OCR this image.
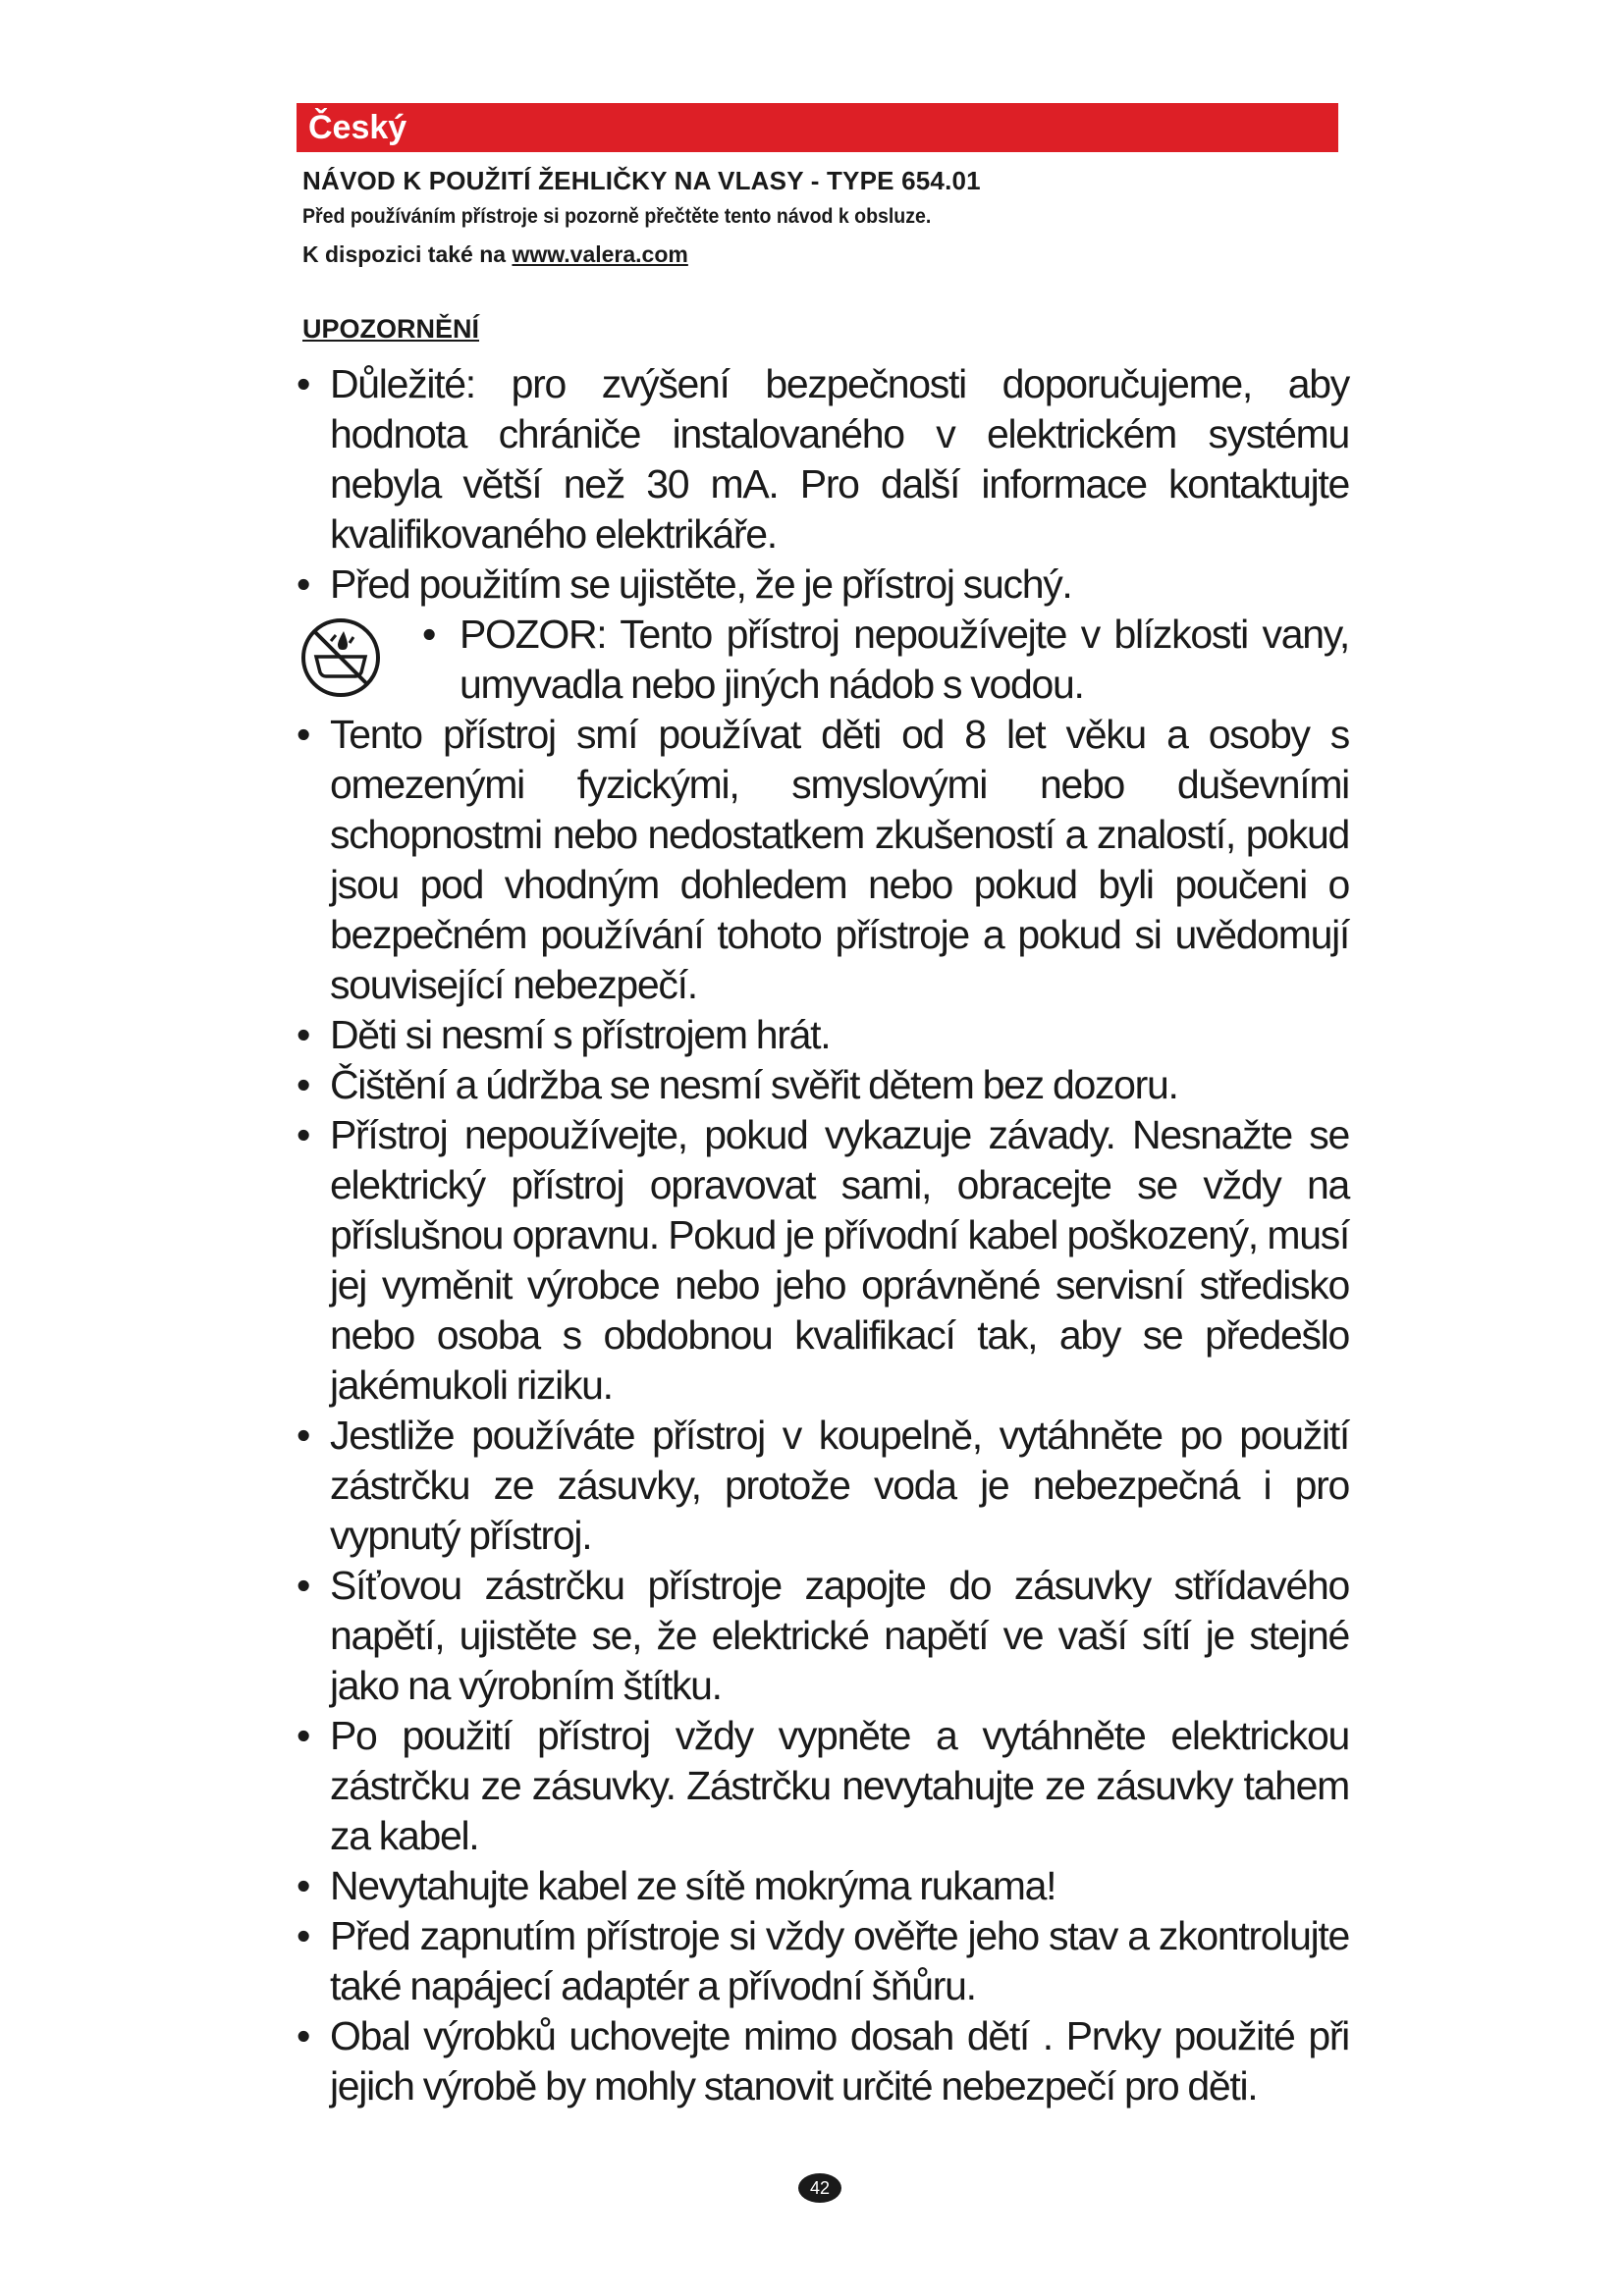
Český
NÁVOD K POUŽITÍ ŽEHLIČKY NA VLASY - TYPE 654.01
Před používáním přístroje si pozorně přečtěte tento návod k obsluze.
K dispozici také na www.valera.com
UPOZORNĚNÍ
• Důležité: pro zvýšení bezpečnosti doporučujeme, aby hodnota chrániče instalovaného v elektrickém systému nebyla větší než 30 mA. Pro další informace kontaktujte kvalifikovaného elektrikáře.
• Před použitím se ujistěte, že je přístroj suchý.
• POZOR: Tento přístroj nepoužívejte v blízkosti vany, umyvadla nebo jiných nádob s vodou.
• Tento přístroj smí používat děti od 8 let věku a osoby s omezenými fyzickými, smyslovými nebo duševními schopnostmi nebo nedostatkem zkušeností a znalostí, pokud jsou pod vhodným dohledem nebo pokud byli poučeni o bezpečném používání tohoto přístroje a pokud si uvědomují související nebezpečí.
• Děti si nesmí s přístrojem hrát.
• Čištění a údržba se nesmí svěřit dětem bez dozoru.
• Přístroj nepoužívejte, pokud vykazuje závady. Nesnažte se elektrický přístroj opravovat sami, obracejte se vždy na příslušnou opravnu. Pokud je přívodní kabel poškozený, musí jej vyměnit výrobce nebo jeho oprávněné servisní středisko nebo osoba s obdobnou kvalifikací tak, aby se předešlo jakémukoli riziku.
• Jestliže používáte přístroj v koupelně, vytáhněte po použití zástrčku ze zásuvky, protože voda je nebezpečná i pro vypnutý přístroj.
• Síťovou zástrčku přístroje zapojte do zásuvky střídavého napětí, ujistěte se, že elektrické napětí ve vaší sítí je stejné jako na výrobním štítku.
• Po použití přístroj vždy vypněte a vytáhněte elektrickou zástrčku ze zásuvky. Zástrčku nevytahujte ze zásuvky tahem za kabel.
• Nevytahujte kabel ze sítě mokrýma rukama!
• Před zapnutím přístroje si vždy ověřte jeho stav a zkontrolujte také napájecí adaptér a přívodní šňůru.
• Obal výrobků uchovejte mimo dosah dětí . Prvky použité při jejich výrobě by mohly stanovit určité nebezpečí pro děti.
42
